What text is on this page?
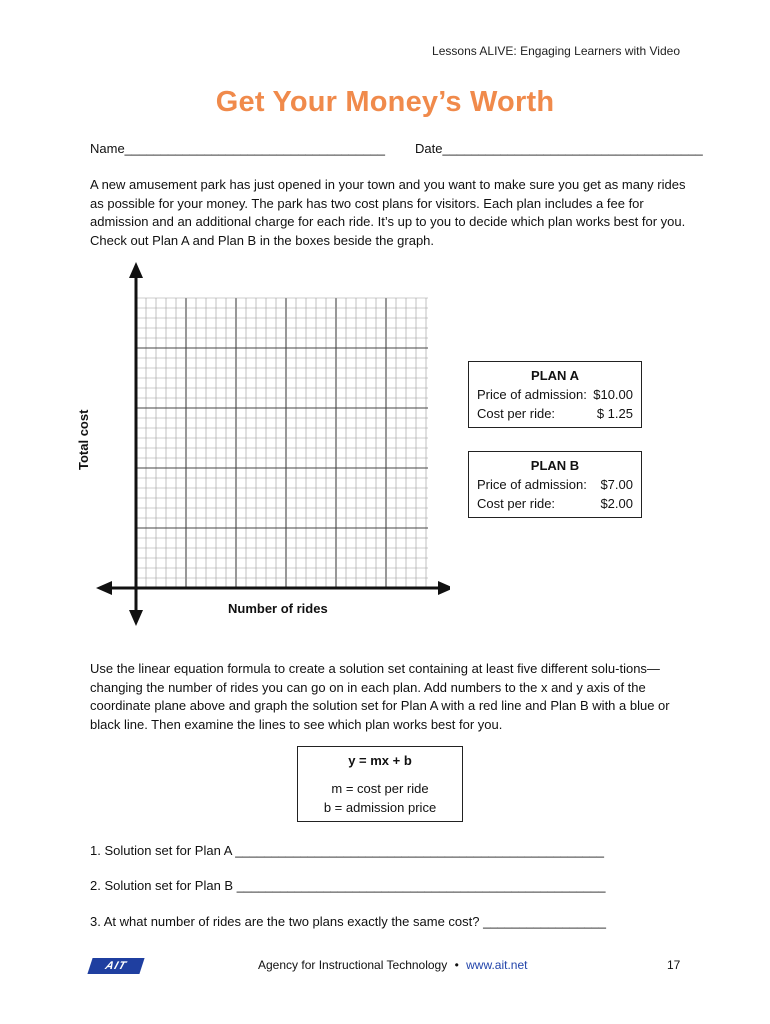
Lessons ALIVE: Engaging Learners with Video
Get Your Money’s Worth
Name____________________________________ Date____________________________________

A new amusement park has just opened in your town and you want to make sure you get as many rides as possible for your money. The park has two cost plans for visitors. Each plan includes a fee for admission and an additional charge for each ride. It’s up to you to decide which plan works best for you. Check out Plan A and Plan B in the boxes beside the graph.

Total cost
Number of rides
PLAN A
Price of admission: $10.00
Cost per ride:	$ 1.25
PLAN B
Price of admission: $7.00
Cost per ride:	$2.00

Use the linear equation formula to create a solution set containing at least five different solu-tions—changing the number of rides you can go on in each plan. Add numbers to the x and y axis of the coordinate plane above and graph the solution set for Plan A with a red line and Plan B with a blue or black line. Then examine the lines to see which plan works best for you.

y = mx + b
m = cost per ride
b = admission price
1. Solution set for Plan A ___________________________________________________
2. Solution set for Plan B ___________________________________________________
3. At what number of rides are the two plans exactly the same cost? _________________
AIT	Agency for Instructional Technology • www.ait.net	17
